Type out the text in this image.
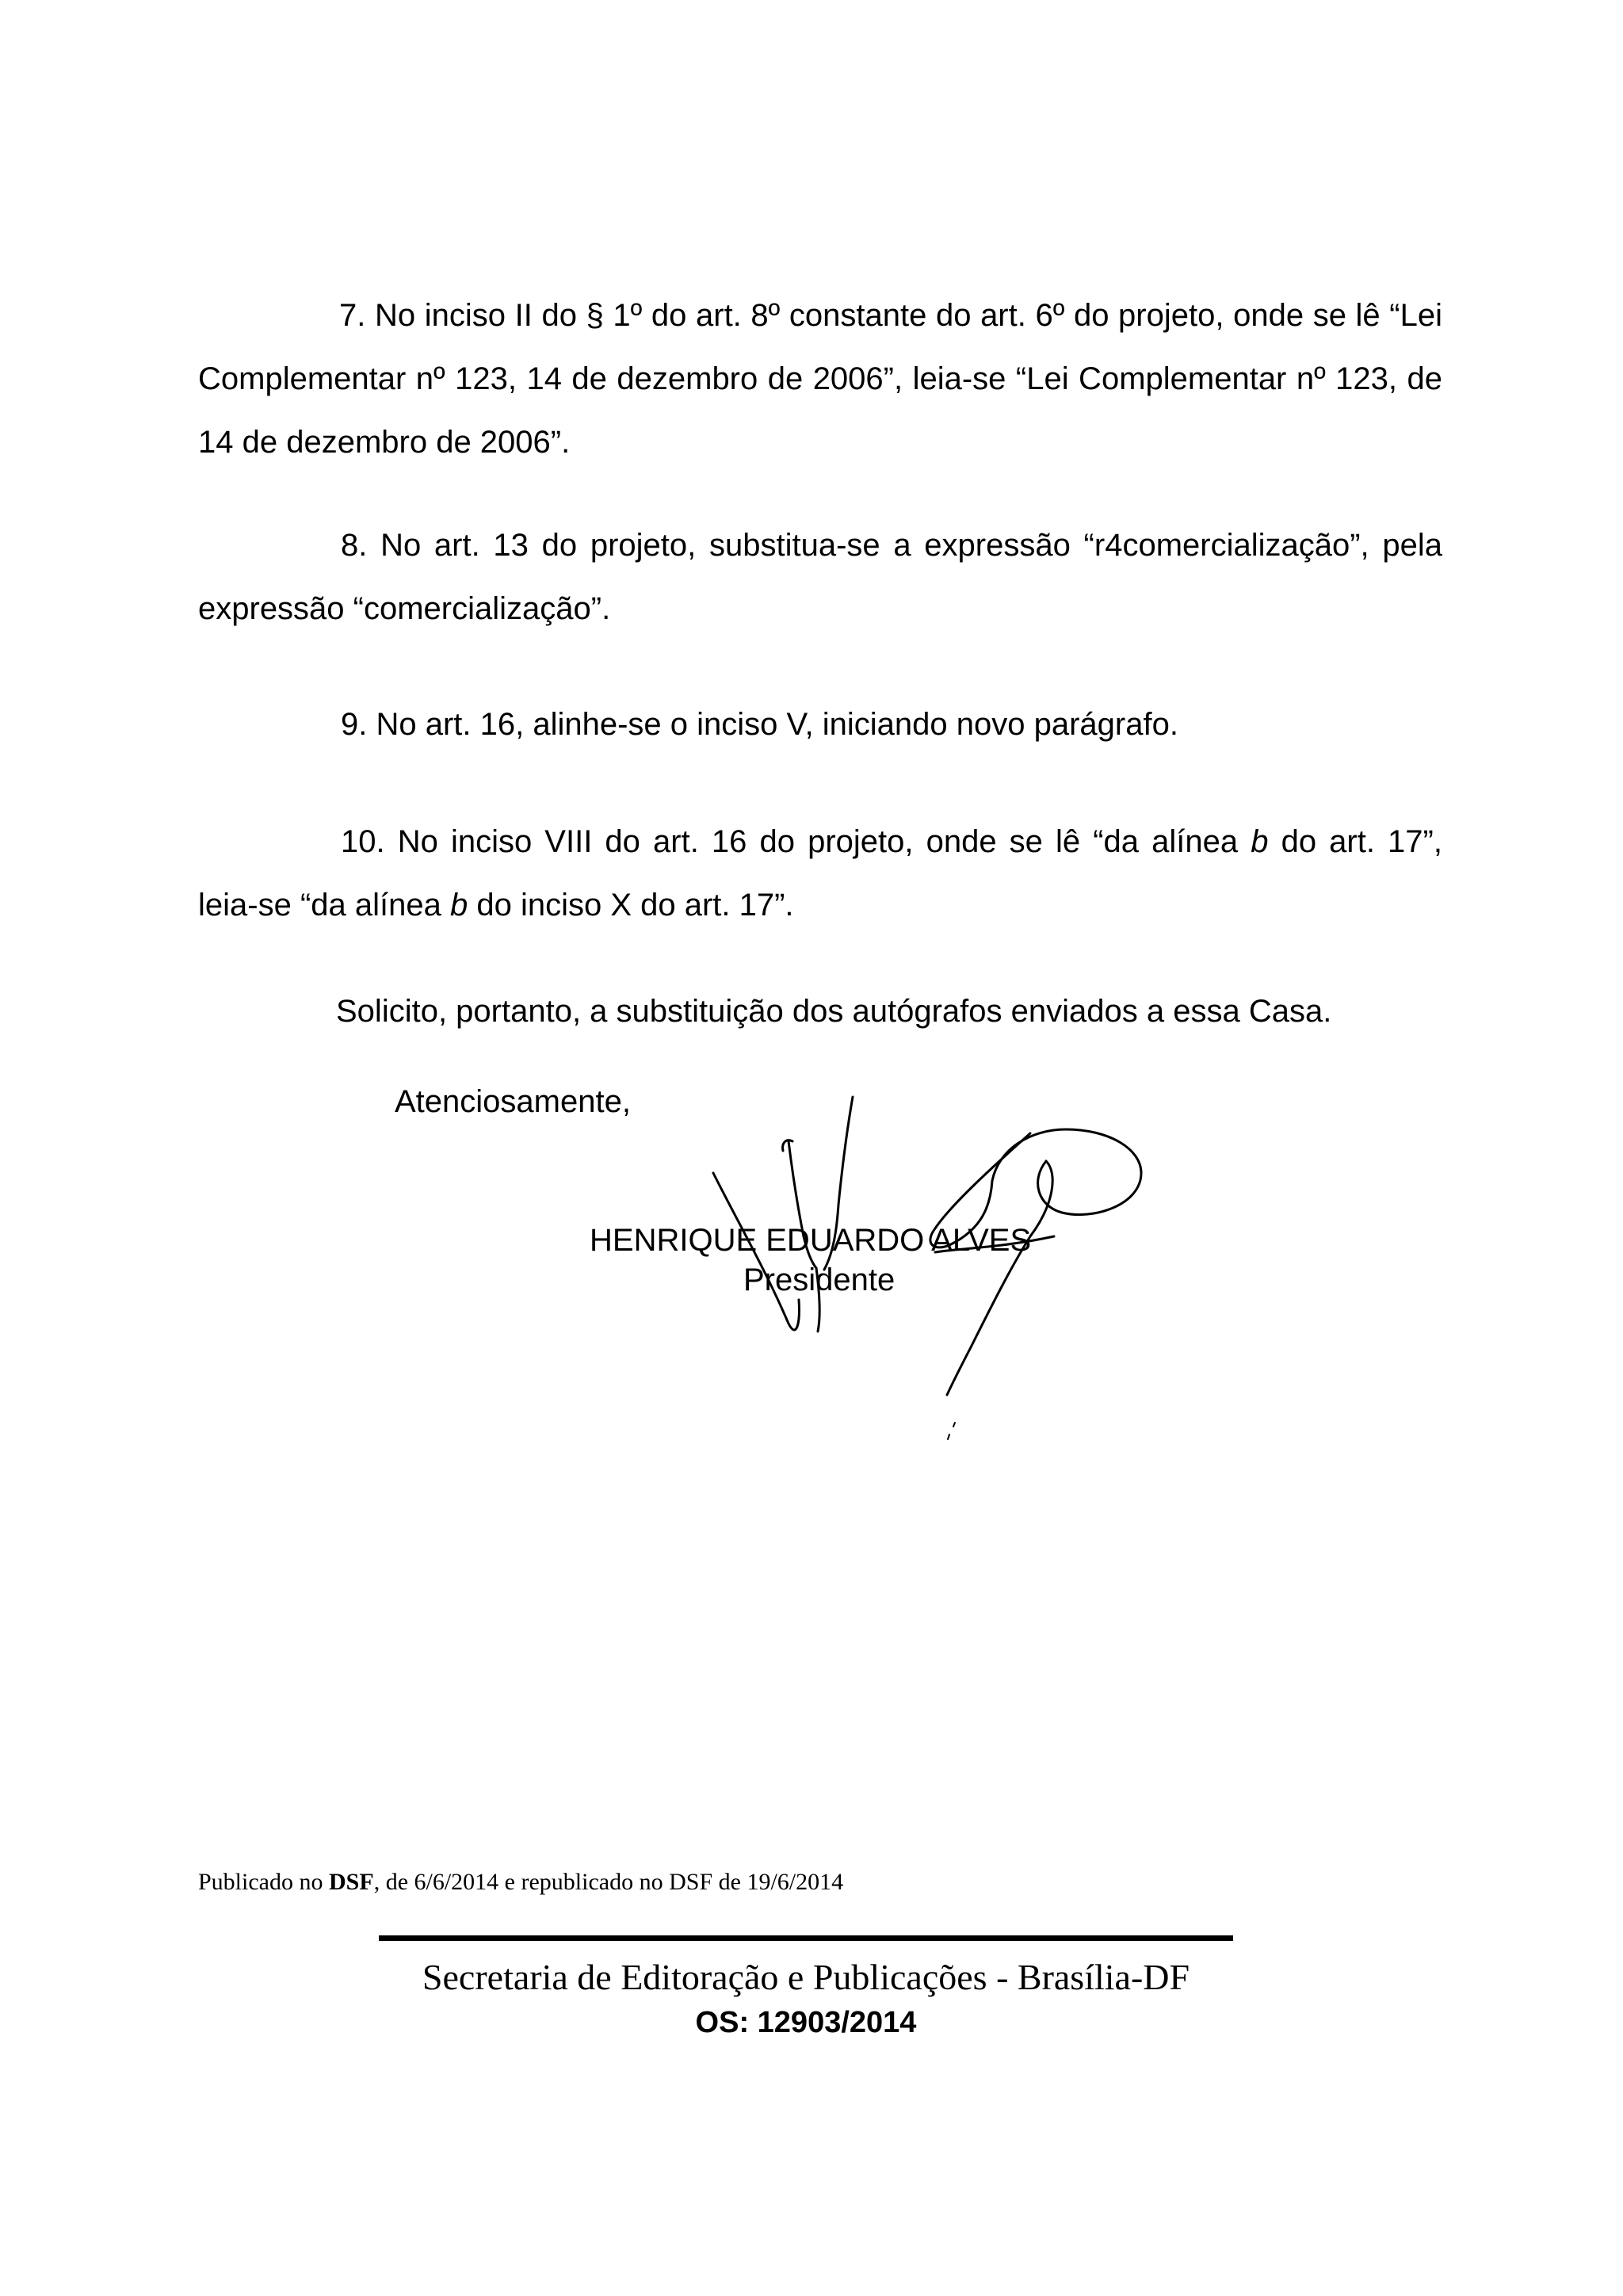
7. No inciso II do § 1º do art. 8º constante do art. 6º do projeto, onde se lê “Lei Complementar nº 123, 14 de dezembro de 2006”, leia-se “Lei Complementar nº 123, de 14 de dezembro de 2006”.
8. No art. 13 do projeto, substitua-se a expressão “r4comercialização”, pela expressão “comercialização”.
9. No art. 16, alinhe-se o inciso V, iniciando novo parágrafo.
10. No inciso VIII do art. 16 do projeto, onde se lê “da alínea b do art. 17”, leia-se “da alínea b do inciso X do art. 17”.
Solicito, portanto, a substituição dos autógrafos enviados a essa Casa.
Atenciosamente,
HENRIQUE EDUARDO ALVES
Presidente
Publicado no DSF, de 6/6/2014 e republicado no DSF de 19/6/2014
Secretaria de Editoração e Publicações - Brasília-DF
OS: 12903/2014
